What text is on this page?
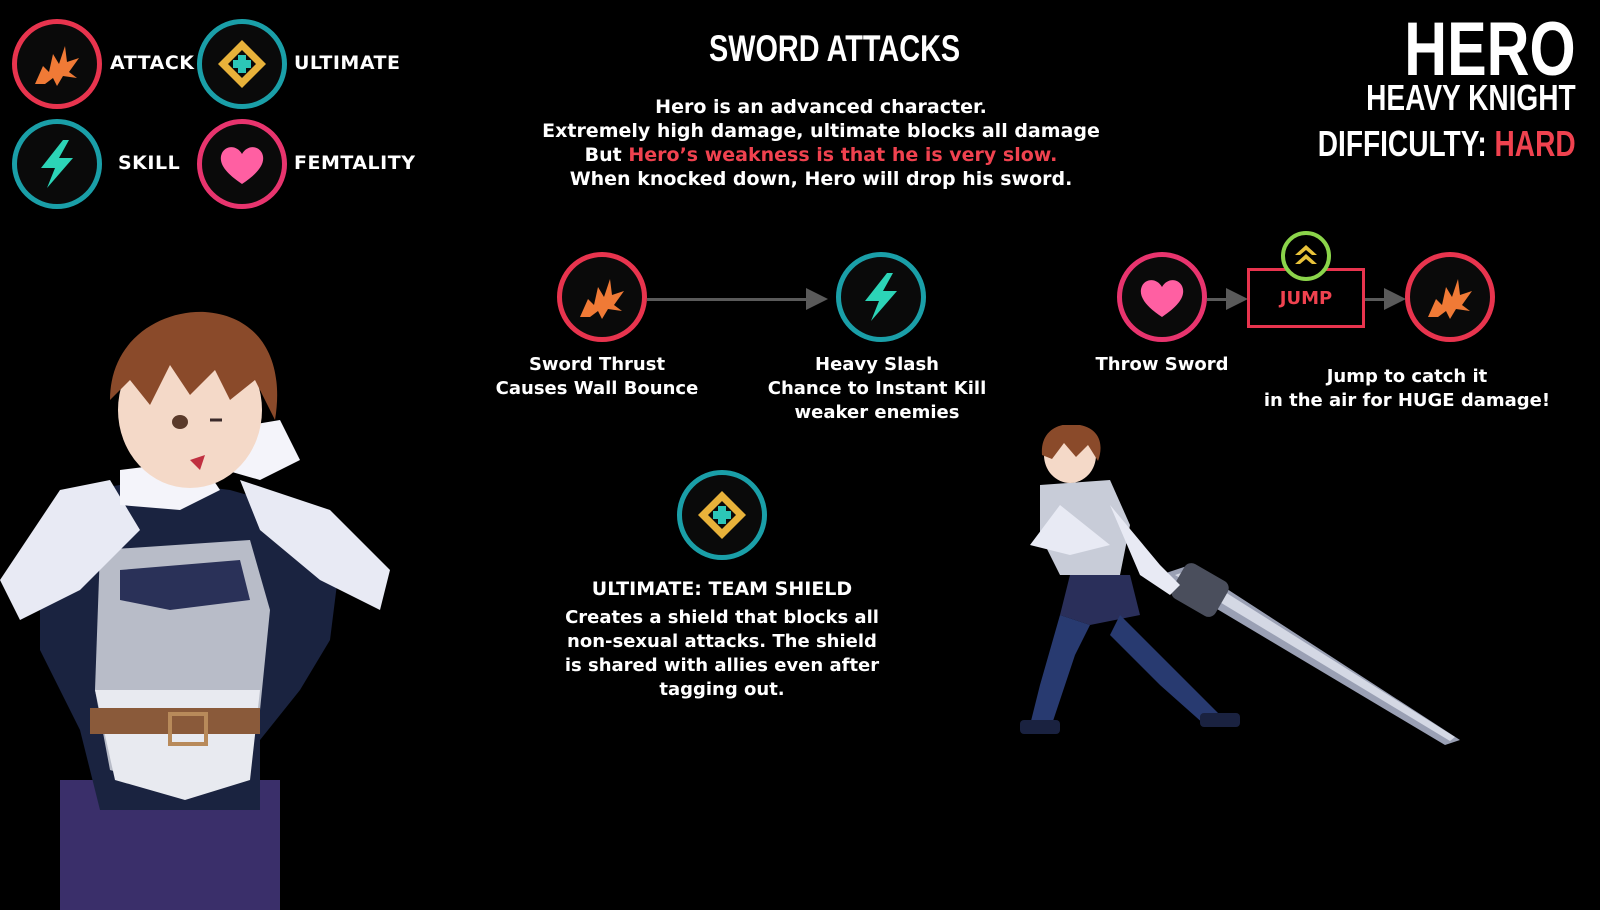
ATTACK	ULTIMATE
SKILL	FEMTALITY
SWORD ATTACKS	HERO
HEAVY KNIGHT
DIFFICULTY: HARD
Hero is an advanced character.
Extremely high damage, ultimate blocks all damage
But Hero’s weakness is that he is very slow.
When knocked down, Hero will drop his sword.
Sword Thrust
Causes Wall Bounce
Heavy Slash
Chance to Instant Kill
weaker enemies
JUMP
Throw Sword
Jump to catch it
in the air for HUGE damage!
ULTIMATE: TEAM SHIELD
Creates a shield that blocks all
non-sexual attacks. The shield
is shared with allies even after
tagging out.
